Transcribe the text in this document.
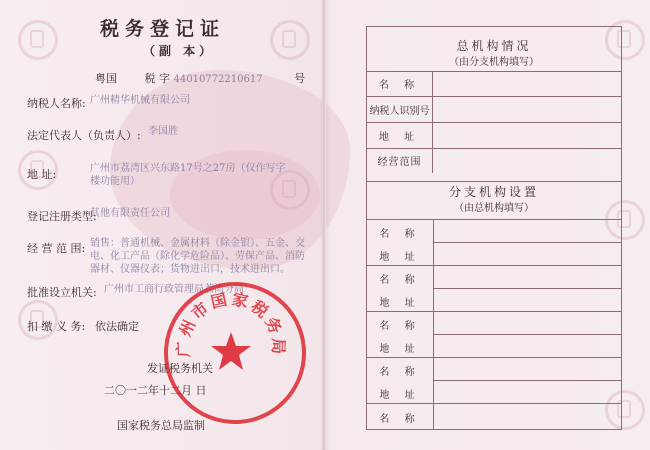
税务登记证
（副 本）
粤国	税 字 44010772210617	号
纳税人名称: 广州精华机械有限公司
法定代表人（负责人）: 李国胜
地 址:	广州市荔湾区兴东路17号之27房（仅作写字楼功能用）
登记注册类型:
其他有限责任公司
经 营 范 围: 销售：普通机械、金属材料（除金银）、五金、交电、化工产品（除化学危险品）、劳保产品、消防器材、仪器仪表；货物进出口，技术进出口。
批准设立机关: 广州市工商行政管理局荔湾分局
扣 缴 义 务: 依法确定
广州市国家税务局
发证税务机关
二〇一二年十二月 日
国家税务总局监制
总机构情况
（由分支机构填写）
名 称
纳税人识别号
地 址
经营范围
分支机构设置
（由总机构填写）
名 称
地 址
名 称
地 址
名 称
地 址
名 称
地 址
名 称
